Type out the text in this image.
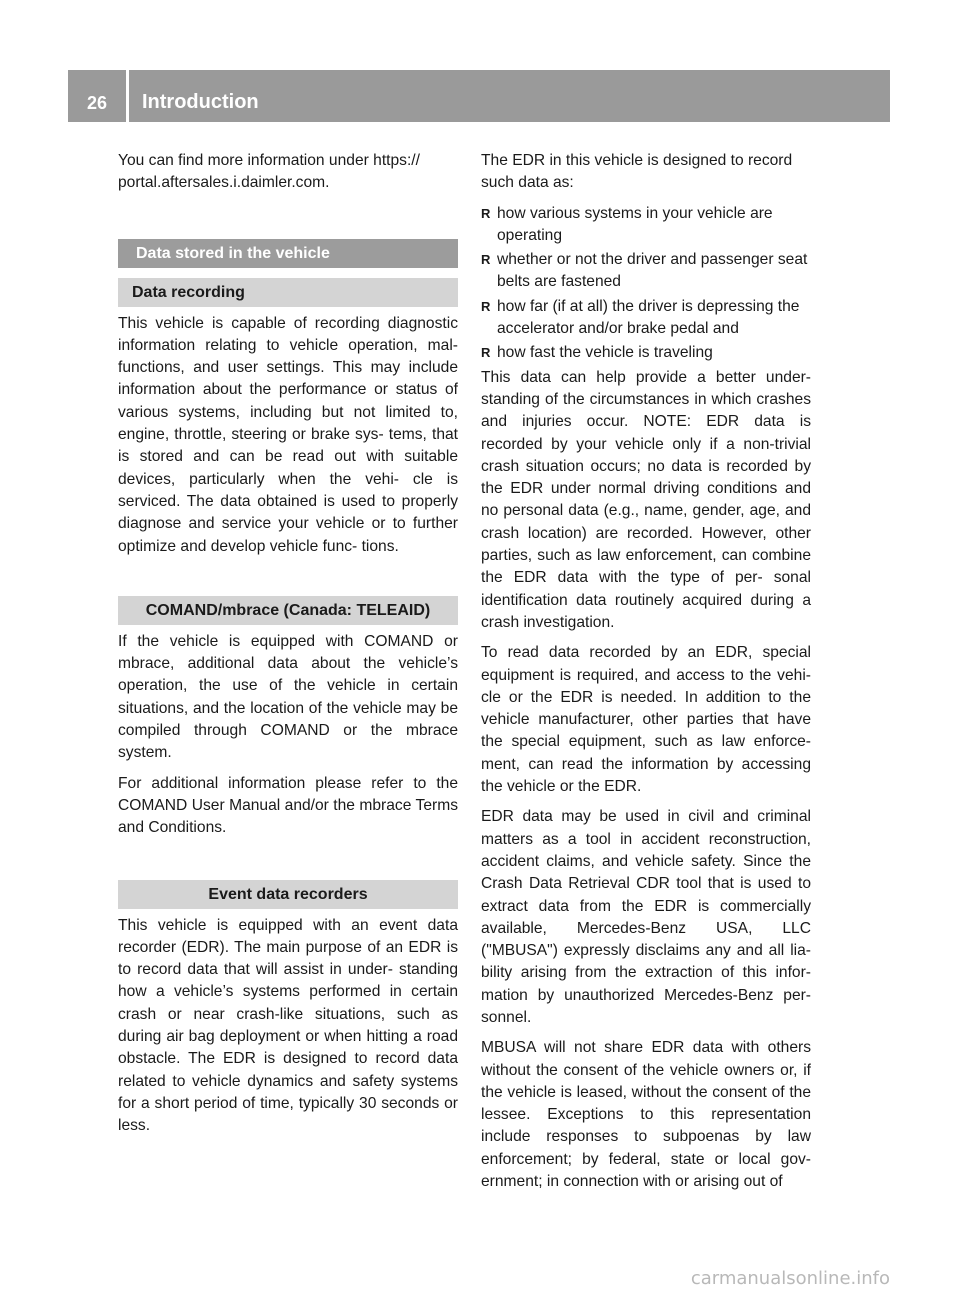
26	Introduction

You can find more information under https:// portal.aftersales.i.daimler.com.

Data stored in the vehicle
Data recording

This vehicle is capable of recording diagnostic information relating to vehicle operation, mal- functions, and user settings. This may include information about the performance or status of various systems, including but not limited to, engine, throttle, steering or brake sys- tems, that is stored and can be read out with suitable devices, particularly when the vehi- cle is serviced. The data obtained is used to properly diagnose and service your vehicle or to further optimize and develop vehicle func- tions.

COMAND/mbrace (Canada: TELEAID)

If the vehicle is equipped with COMAND or mbrace, additional data about the vehicle’s operation, the use of the vehicle in certain situations, and the location of the vehicle may be compiled through COMAND or the mbrace system.

For additional information please refer to the COMAND User Manual and/or the mbrace Terms and Conditions.

Event data recorders

This vehicle is equipped with an event data recorder (EDR). The main purpose of an EDR is to record data that will assist in under- standing how a vehicle’s systems performed in certain crash or near crash-like situations, such as during air bag deployment or when hitting a road obstacle. The EDR is designed to record data related to vehicle dynamics and safety systems for a short period of time, typically 30 seconds or less.

The EDR in this vehicle is designed to record such data as:

R how various systems in your vehicle are operating
R whether or not the driver and passenger seat belts are fastened
R how far (if at all) the driver is depressing the accelerator and/or brake pedal and
R how fast the vehicle is traveling

This data can help provide a better under- standing of the circumstances in which crashes and injuries occur. NOTE: EDR data is recorded by your vehicle only if a non-trivial crash situation occurs; no data is recorded by the EDR under normal driving conditions and no personal data (e.g., name, gender, age, and crash location) are recorded. However, other parties, such as law enforcement, can combine the EDR data with the type of per- sonal identification data routinely acquired during a crash investigation.

To read data recorded by an EDR, special equipment is required, and access to the vehi- cle or the EDR is needed. In addition to the vehicle manufacturer, other parties that have the special equipment, such as law enforce- ment, can read the information by accessing the vehicle or the EDR.

EDR data may be used in civil and criminal matters as a tool in accident reconstruction, accident claims, and vehicle safety. Since the Crash Data Retrieval CDR tool that is used to extract data from the EDR is commercially available, Mercedes-Benz USA, LLC ("MBUSA") expressly disclaims any and all lia- bility arising from the extraction of this infor- mation by unauthorized Mercedes-Benz per- sonnel.

MBUSA will not share EDR data with others without the consent of the vehicle owners or, if the vehicle is leased, without the consent of the lessee. Exceptions to this representation include responses to subpoenas by law enforcement; by federal, state or local gov- ernment; in connection with or arising out of

carmanualsonline.info
